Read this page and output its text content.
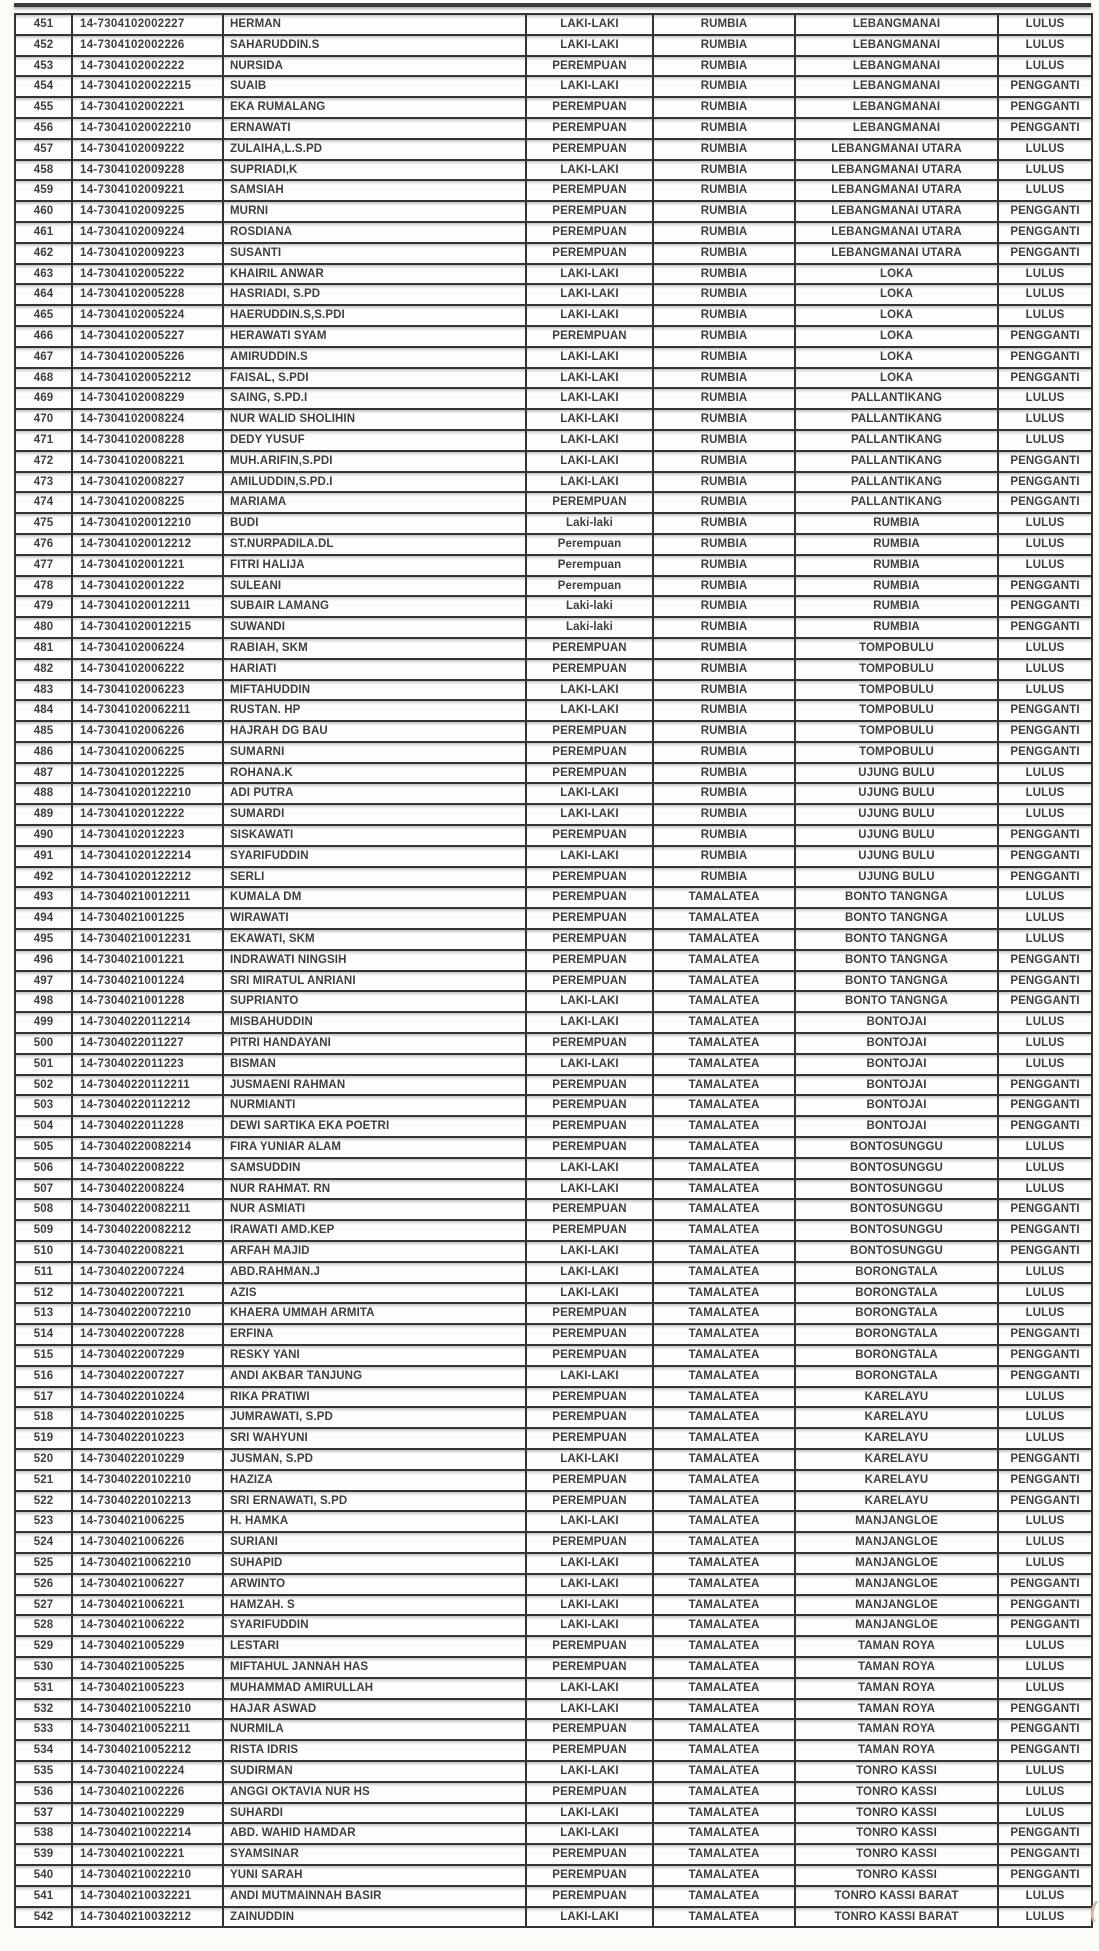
451	14-7304102002227	HERMAN	LAKI-LAKI	RUMBIA	LEBANGMANAI	LULUS
452	14-7304102002226	SAHARUDDIN.S	LAKI-LAKI	RUMBIA	LEBANGMANAI	LULUS
453	14-7304102002222	NURSIDA	PEREMPUAN	RUMBIA	LEBANGMANAI	LULUS
454	14-73041020022215	SUAIB	LAKI-LAKI	RUMBIA	LEBANGMANAI	PENGGANTI
455	14-7304102002221	EKA RUMALANG	PEREMPUAN	RUMBIA	LEBANGMANAI	PENGGANTI
456	14-73041020022210	ERNAWATI	PEREMPUAN	RUMBIA	LEBANGMANAI	PENGGANTI
457	14-7304102009222	ZULAIHA,L.S.PD	PEREMPUAN	RUMBIA	LEBANGMANAI UTARA	LULUS
458	14-7304102009228	SUPRIADI,K	LAKI-LAKI	RUMBIA	LEBANGMANAI UTARA	LULUS
459	14-7304102009221	SAMSIAH	PEREMPUAN	RUMBIA	LEBANGMANAI UTARA	LULUS
460	14-7304102009225	MURNI	PEREMPUAN	RUMBIA	LEBANGMANAI UTARA	PENGGANTI
461	14-7304102009224	ROSDIANA	PEREMPUAN	RUMBIA	LEBANGMANAI UTARA	PENGGANTI
462	14-7304102009223	SUSANTI	PEREMPUAN	RUMBIA	LEBANGMANAI UTARA	PENGGANTI
463	14-7304102005222	KHAIRIL ANWAR	LAKI-LAKI	RUMBIA	LOKA	LULUS
464	14-7304102005228	HASRIADI, S.PD	LAKI-LAKI	RUMBIA	LOKA	LULUS
465	14-7304102005224	HAERUDDIN.S,S.PDI	LAKI-LAKI	RUMBIA	LOKA	LULUS
466	14-7304102005227	HERAWATI SYAM	PEREMPUAN	RUMBIA	LOKA	PENGGANTI
467	14-7304102005226	AMIRUDDIN.S	LAKI-LAKI	RUMBIA	LOKA	PENGGANTI
468	14-73041020052212	FAISAL, S.PDI	LAKI-LAKI	RUMBIA	LOKA	PENGGANTI
469	14-7304102008229	SAING, S.PD.I	LAKI-LAKI	RUMBIA	PALLANTIKANG	LULUS
470	14-7304102008224	NUR WALID SHOLIHIN	LAKI-LAKI	RUMBIA	PALLANTIKANG	LULUS
471	14-7304102008228	DEDY YUSUF	LAKI-LAKI	RUMBIA	PALLANTIKANG	LULUS
472	14-7304102008221	MUH.ARIFIN,S.PDI	LAKI-LAKI	RUMBIA	PALLANTIKANG	PENGGANTI
473	14-7304102008227	AMILUDDIN,S.PD.I	LAKI-LAKI	RUMBIA	PALLANTIKANG	PENGGANTI
474	14-7304102008225	MARIAMA	PEREMPUAN	RUMBIA	PALLANTIKANG	PENGGANTI
475	14-73041020012210	BUDI	Laki-laki	RUMBIA	RUMBIA	LULUS
476	14-73041020012212	ST.NURPADILA.DL	Perempuan	RUMBIA	RUMBIA	LULUS
477	14-7304102001221	FITRI HALIJA	Perempuan	RUMBIA	RUMBIA	LULUS
478	14-7304102001222	SULEANI	Perempuan	RUMBIA	RUMBIA	PENGGANTI
479	14-73041020012211	SUBAIR LAMANG	Laki-laki	RUMBIA	RUMBIA	PENGGANTI
480	14-73041020012215	SUWANDI	Laki-laki	RUMBIA	RUMBIA	PENGGANTI
481	14-7304102006224	RABIAH, SKM	PEREMPUAN	RUMBIA	TOMPOBULU	LULUS
482	14-7304102006222	HARIATI	PEREMPUAN	RUMBIA	TOMPOBULU	LULUS
483	14-7304102006223	MIFTAHUDDIN	LAKI-LAKI	RUMBIA	TOMPOBULU	LULUS
484	14-73041020062211	RUSTAN. HP	LAKI-LAKI	RUMBIA	TOMPOBULU	PENGGANTI
485	14-7304102006226	HAJRAH DG BAU	PEREMPUAN	RUMBIA	TOMPOBULU	PENGGANTI
486	14-7304102006225	SUMARNI	PEREMPUAN	RUMBIA	TOMPOBULU	PENGGANTI
487	14-7304102012225	ROHANA.K	PEREMPUAN	RUMBIA	UJUNG BULU	LULUS
488	14-73041020122210	ADI PUTRA	LAKI-LAKI	RUMBIA	UJUNG BULU	LULUS
489	14-7304102012222	SUMARDI	LAKI-LAKI	RUMBIA	UJUNG BULU	LULUS
490	14-7304102012223	SISKAWATI	PEREMPUAN	RUMBIA	UJUNG BULU	PENGGANTI
491	14-73041020122214	SYARIFUDDIN	LAKI-LAKI	RUMBIA	UJUNG BULU	PENGGANTI
492	14-73041020122212	SERLI	PEREMPUAN	RUMBIA	UJUNG BULU	PENGGANTI
493	14-73040210012211	KUMALA DM	PEREMPUAN	TAMALATEA	BONTO TANGNGA	LULUS
494	14-7304021001225	WIRAWATI	PEREMPUAN	TAMALATEA	BONTO TANGNGA	LULUS
495	14-73040210012231	EKAWATI, SKM	PEREMPUAN	TAMALATEA	BONTO TANGNGA	LULUS
496	14-7304021001221	INDRAWATI NINGSIH	PEREMPUAN	TAMALATEA	BONTO TANGNGA	PENGGANTI
497	14-7304021001224	SRI MIRATUL ANRIANI	PEREMPUAN	TAMALATEA	BONTO TANGNGA	PENGGANTI
498	14-7304021001228	SUPRIANTO	LAKI-LAKI	TAMALATEA	BONTO TANGNGA	PENGGANTI
499	14-73040220112214	MISBAHUDDIN	LAKI-LAKI	TAMALATEA	BONTOJAI	LULUS
500	14-7304022011227	PITRI HANDAYANI	PEREMPUAN	TAMALATEA	BONTOJAI	LULUS
501	14-7304022011223	BISMAN	LAKI-LAKI	TAMALATEA	BONTOJAI	LULUS
502	14-73040220112211	JUSMAENI RAHMAN	PEREMPUAN	TAMALATEA	BONTOJAI	PENGGANTI
503	14-73040220112212	NURMIANTI	PEREMPUAN	TAMALATEA	BONTOJAI	PENGGANTI
504	14-7304022011228	DEWI SARTIKA EKA POETRI	PEREMPUAN	TAMALATEA	BONTOJAI	PENGGANTI
505	14-73040220082214	FIRA YUNIAR ALAM	PEREMPUAN	TAMALATEA	BONTOSUNGGU	LULUS
506	14-7304022008222	SAMSUDDIN	LAKI-LAKI	TAMALATEA	BONTOSUNGGU	LULUS
507	14-7304022008224	NUR RAHMAT. RN	LAKI-LAKI	TAMALATEA	BONTOSUNGGU	LULUS
508	14-73040220082211	NUR ASMIATI	PEREMPUAN	TAMALATEA	BONTOSUNGGU	PENGGANTI
509	14-73040220082212	IRAWATI AMD.KEP	PEREMPUAN	TAMALATEA	BONTOSUNGGU	PENGGANTI
510	14-7304022008221	ARFAH MAJID	LAKI-LAKI	TAMALATEA	BONTOSUNGGU	PENGGANTI
511	14-7304022007224	ABD.RAHMAN.J	LAKI-LAKI	TAMALATEA	BORONGTALA	LULUS
512	14-7304022007221	AZIS	LAKI-LAKI	TAMALATEA	BORONGTALA	LULUS
513	14-73040220072210	KHAERA UMMAH ARMITA	PEREMPUAN	TAMALATEA	BORONGTALA	LULUS
514	14-7304022007228	ERFINA	PEREMPUAN	TAMALATEA	BORONGTALA	PENGGANTI
515	14-7304022007229	RESKY YANI	PEREMPUAN	TAMALATEA	BORONGTALA	PENGGANTI
516	14-7304022007227	ANDI AKBAR TANJUNG	LAKI-LAKI	TAMALATEA	BORONGTALA	PENGGANTI
517	14-7304022010224	RIKA PRATIWI	PEREMPUAN	TAMALATEA	KARELAYU	LULUS
518	14-7304022010225	JUMRAWATI, S.PD	PEREMPUAN	TAMALATEA	KARELAYU	LULUS
519	14-7304022010223	SRI WAHYUNI	PEREMPUAN	TAMALATEA	KARELAYU	LULUS
520	14-7304022010229	JUSMAN, S.PD	LAKI-LAKI	TAMALATEA	KARELAYU	PENGGANTI
521	14-73040220102210	HAZIZA	PEREMPUAN	TAMALATEA	KARELAYU	PENGGANTI
522	14-73040220102213	SRI ERNAWATI, S.PD	PEREMPUAN	TAMALATEA	KARELAYU	PENGGANTI
523	14-7304021006225	H. HAMKA	LAKI-LAKI	TAMALATEA	MANJANGLOE	LULUS
524	14-7304021006226	SURIANI	PEREMPUAN	TAMALATEA	MANJANGLOE	LULUS
525	14-73040210062210	SUHAPID	LAKI-LAKI	TAMALATEA	MANJANGLOE	LULUS
526	14-7304021006227	ARWINTO	LAKI-LAKI	TAMALATEA	MANJANGLOE	PENGGANTI
527	14-7304021006221	HAMZAH. S	LAKI-LAKI	TAMALATEA	MANJANGLOE	PENGGANTI
528	14-7304021006222	SYARIFUDDIN	LAKI-LAKI	TAMALATEA	MANJANGLOE	PENGGANTI
529	14-7304021005229	LESTARI	PEREMPUAN	TAMALATEA	TAMAN ROYA	LULUS
530	14-7304021005225	MIFTAHUL JANNAH HAS	PEREMPUAN	TAMALATEA	TAMAN ROYA	LULUS
531	14-7304021005223	MUHAMMAD AMIRULLAH	LAKI-LAKI	TAMALATEA	TAMAN ROYA	LULUS
532	14-73040210052210	HAJAR ASWAD	LAKI-LAKI	TAMALATEA	TAMAN ROYA	PENGGANTI
533	14-73040210052211	NURMILA	PEREMPUAN	TAMALATEA	TAMAN ROYA	PENGGANTI
534	14-73040210052212	RISTA IDRIS	PEREMPUAN	TAMALATEA	TAMAN ROYA	PENGGANTI
535	14-7304021002224	SUDIRMAN	LAKI-LAKI	TAMALATEA	TONRO KASSI	LULUS
536	14-7304021002226	ANGGI OKTAVIA NUR HS	PEREMPUAN	TAMALATEA	TONRO KASSI	LULUS
537	14-7304021002229	SUHARDI	LAKI-LAKI	TAMALATEA	TONRO KASSI	LULUS
538	14-73040210022214	ABD. WAHID HAMDAR	LAKI-LAKI	TAMALATEA	TONRO KASSI	PENGGANTI
539	14-7304021002221	SYAMSINAR	PEREMPUAN	TAMALATEA	TONRO KASSI	PENGGANTI
540	14-73040210022210	YUNI SARAH	PEREMPUAN	TAMALATEA	TONRO KASSI	PENGGANTI
541	14-73040210032221	ANDI MUTMAINNAH BASIR	PEREMPUAN	TAMALATEA	TONRO KASSI BARAT	LULUS
542	14-73040210032212	ZAINUDDIN	LAKI-LAKI	TAMALATEA	TONRO KASSI BARAT	LULUS (
